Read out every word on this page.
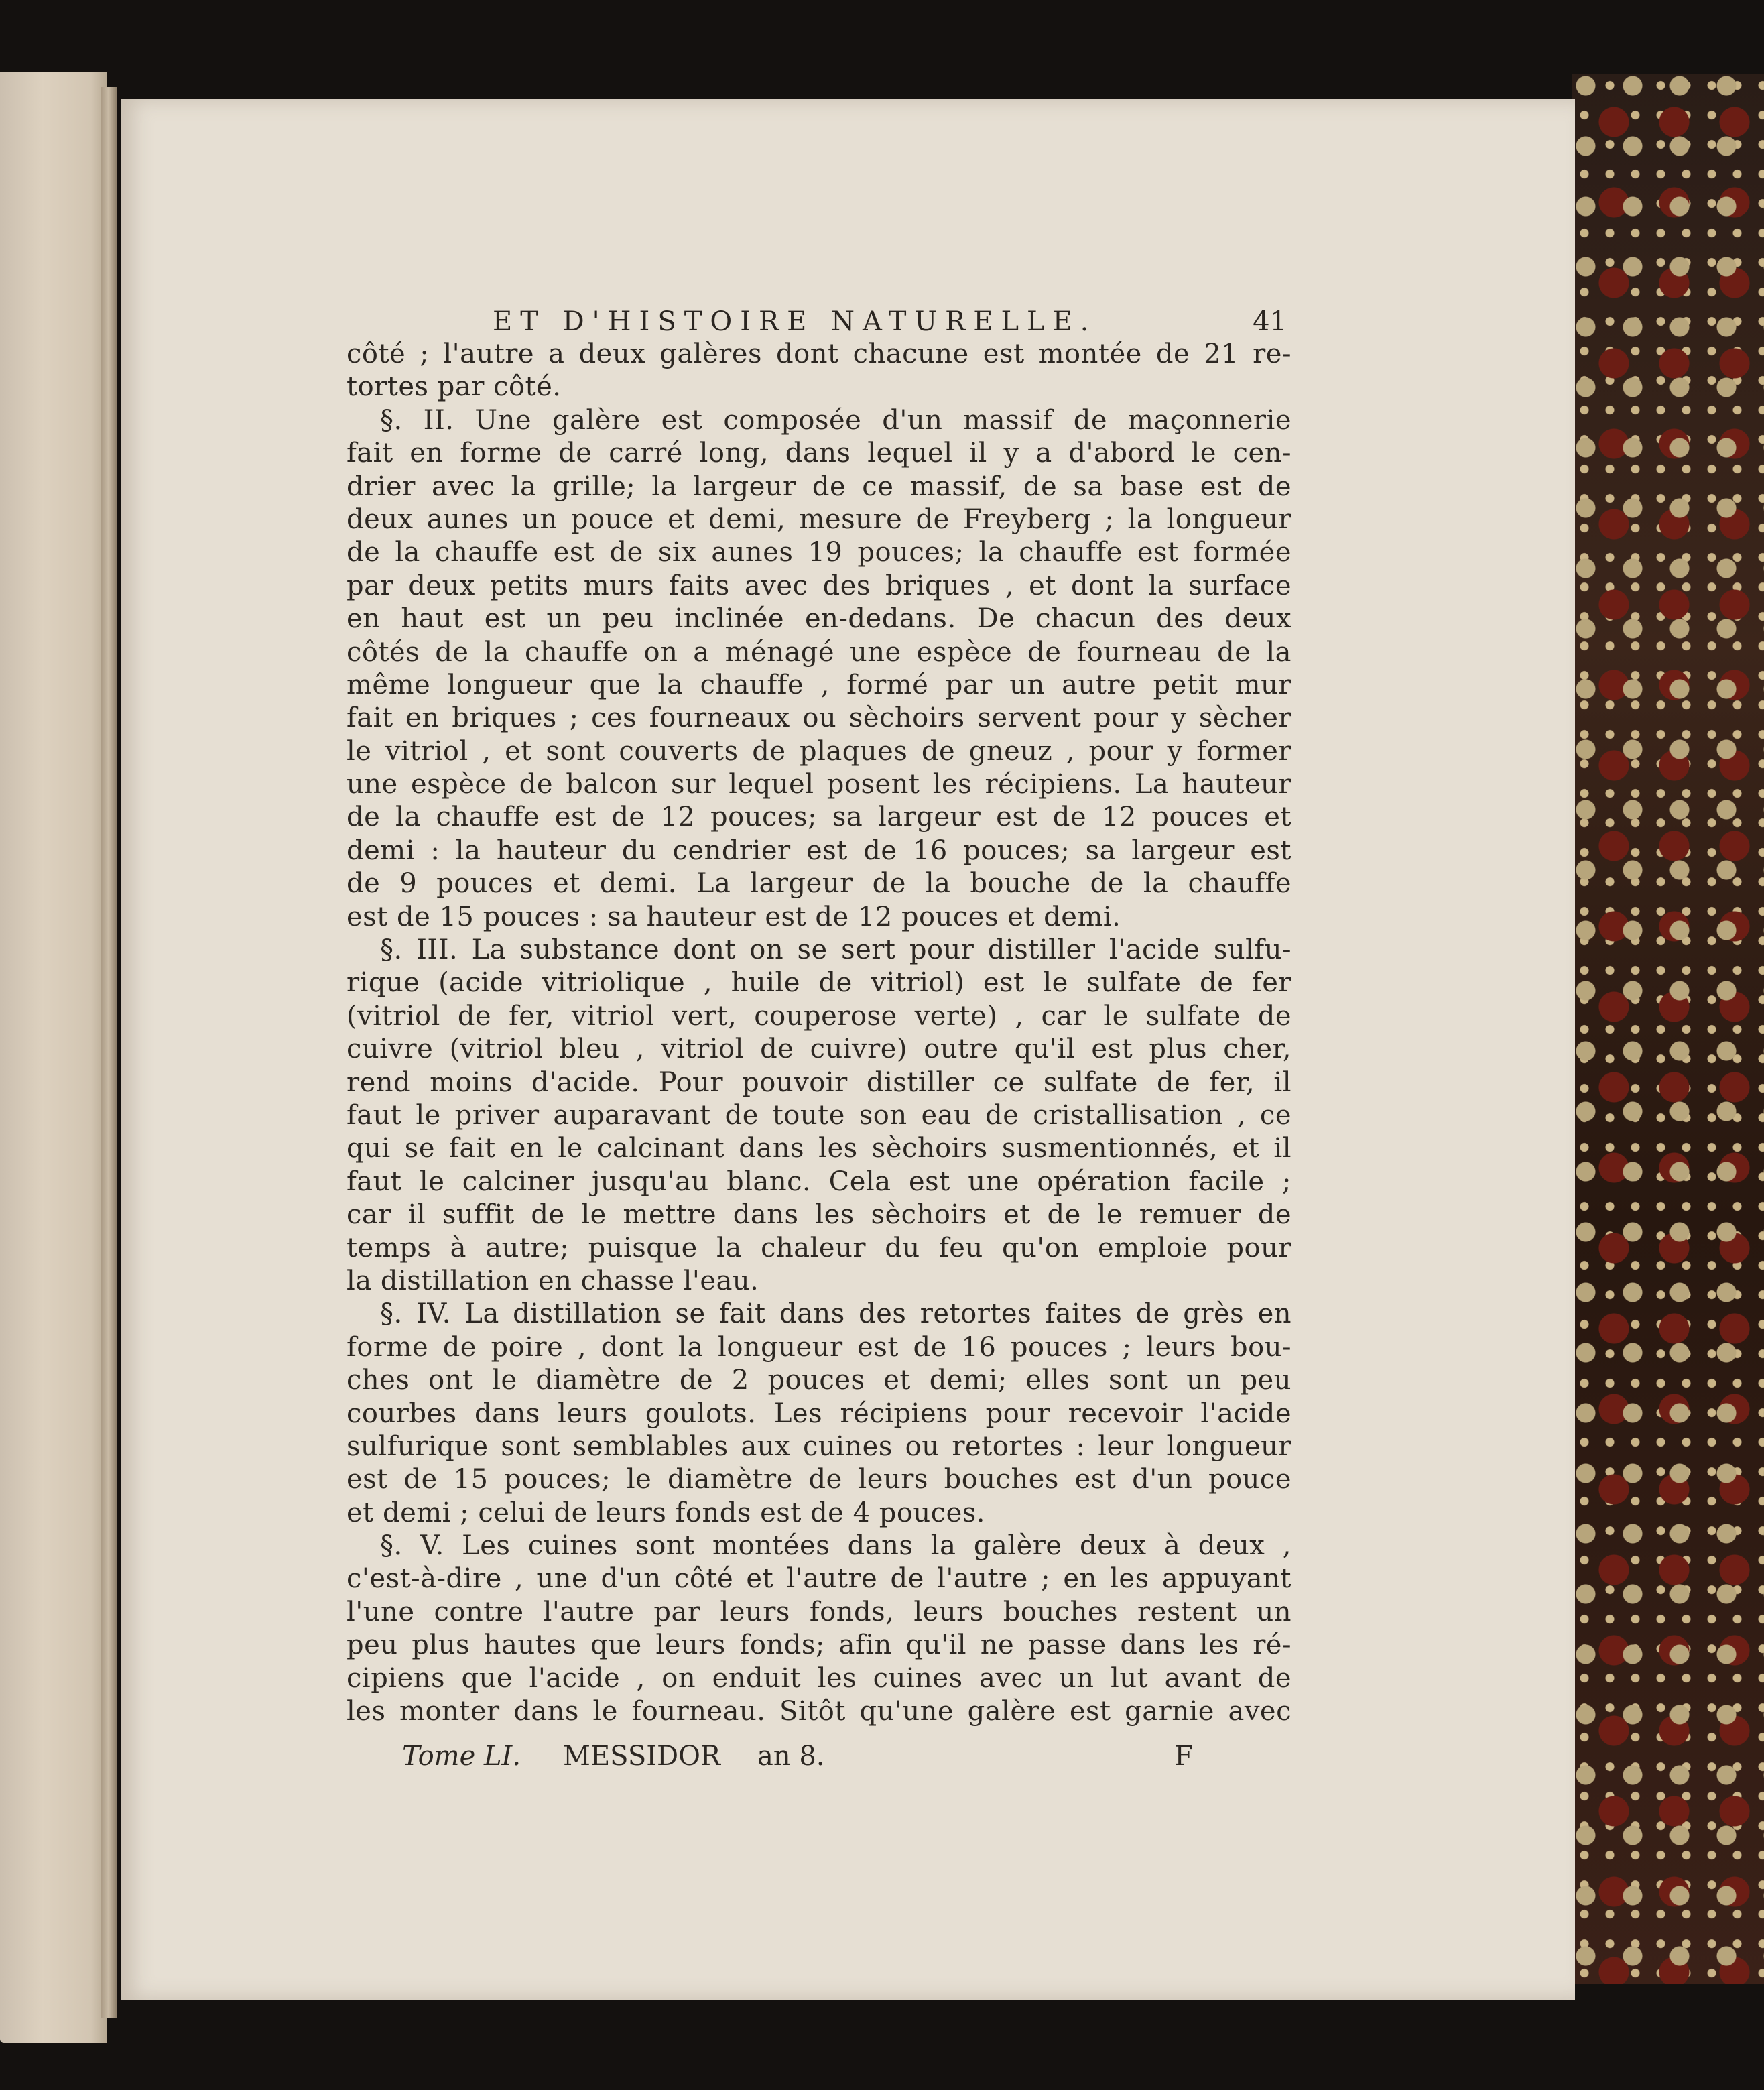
ET D'HISTOIRE NATURELLE.	41
côté ; l'autre a deux galères dont chacune est montée de 21 re-
tortes par côté.
§. II. Une galère est composée d'un massif de maçonnerie
fait en forme de carré long, dans lequel il y a d'abord le cen-
drier avec la grille; la largeur de ce massif, de sa base est de
deux aunes un pouce et demi, mesure de Freyberg ; la longueur
de la chauffe est de six aunes 19 pouces; la chauffe est formée
par deux petits murs faits avec des briques , et dont la surface
en haut est un peu inclinée en-dedans. De chacun des deux
côtés de la chauffe on a ménagé une espèce de fourneau de la
même longueur que la chauffe , formé par un autre petit mur
fait en briques ; ces fourneaux ou sèchoirs servent pour y sècher
le vitriol , et sont couverts de plaques de gneuz , pour y former
une espèce de balcon sur lequel posent les récipiens. La hauteur
de la chauffe est de 12 pouces; sa largeur est de 12 pouces et
demi : la hauteur du cendrier est de 16 pouces; sa largeur est
de 9 pouces et demi. La largeur de la bouche de la chauffe
est de 15 pouces : sa hauteur est de 12 pouces et demi.
§. III. La substance dont on se sert pour distiller l'acide sulfu-
rique (acide vitriolique , huile de vitriol) est le sulfate de fer
(vitriol de fer, vitriol vert, couperose verte) , car le sulfate de
cuivre (vitriol bleu , vitriol de cuivre) outre qu'il est plus cher,
rend moins d'acide. Pour pouvoir distiller ce sulfate de fer, il
faut le priver auparavant de toute son eau de cristallisation , ce
qui se fait en le calcinant dans les sèchoirs susmentionnés, et il
faut le calciner jusqu'au blanc. Cela est une opération facile ;
car il suffit de le mettre dans les sèchoirs et de le remuer de
temps à autre; puisque la chaleur du feu qu'on emploie pour
la distillation en chasse l'eau.
§. IV. La distillation se fait dans des retortes faites de grès en
forme de poire , dont la longueur est de 16 pouces ; leurs bou-
ches ont le diamètre de 2 pouces et demi; elles sont un peu
courbes dans leurs goulots. Les récipiens pour recevoir l'acide
sulfurique sont semblables aux cuines ou retortes : leur longueur
est de 15 pouces; le diamètre de leurs bouches est d'un pouce
et demi ; celui de leurs fonds est de 4 pouces.
§. V. Les cuines sont montées dans la galère deux à deux ,
c'est-à-dire , une d'un côté et l'autre de l'autre ; en les appuyant
l'une contre l'autre par leurs fonds, leurs bouches restent un
peu plus hautes que leurs fonds; afin qu'il ne passe dans les ré-
cipiens que l'acide , on enduit les cuines avec un lut avant de
les monter dans le fourneau. Sitôt qu'une galère est garnie avec
Tome LI. MESSIDOR an 8.	F
